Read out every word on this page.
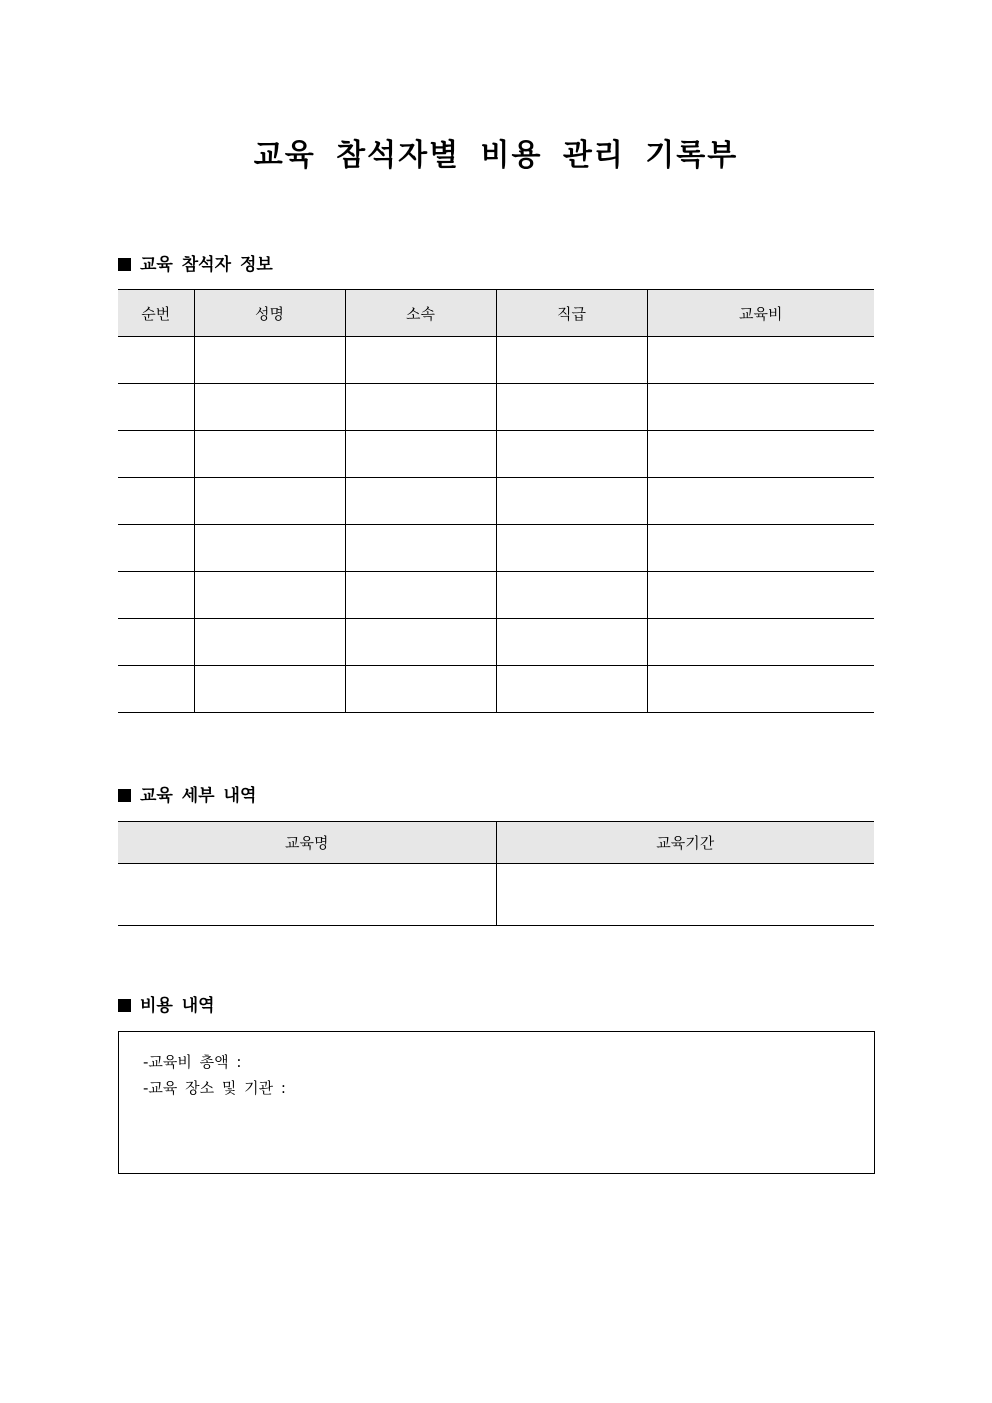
교육 참석자별 비용 관리 기록부
교육 참석자 정보
순번	성명	소속	직급	교육비

교육 세부 내역
교육명	교육기간

비용 내역
-교육비 총액 :
-교육 장소 및 기관 :
